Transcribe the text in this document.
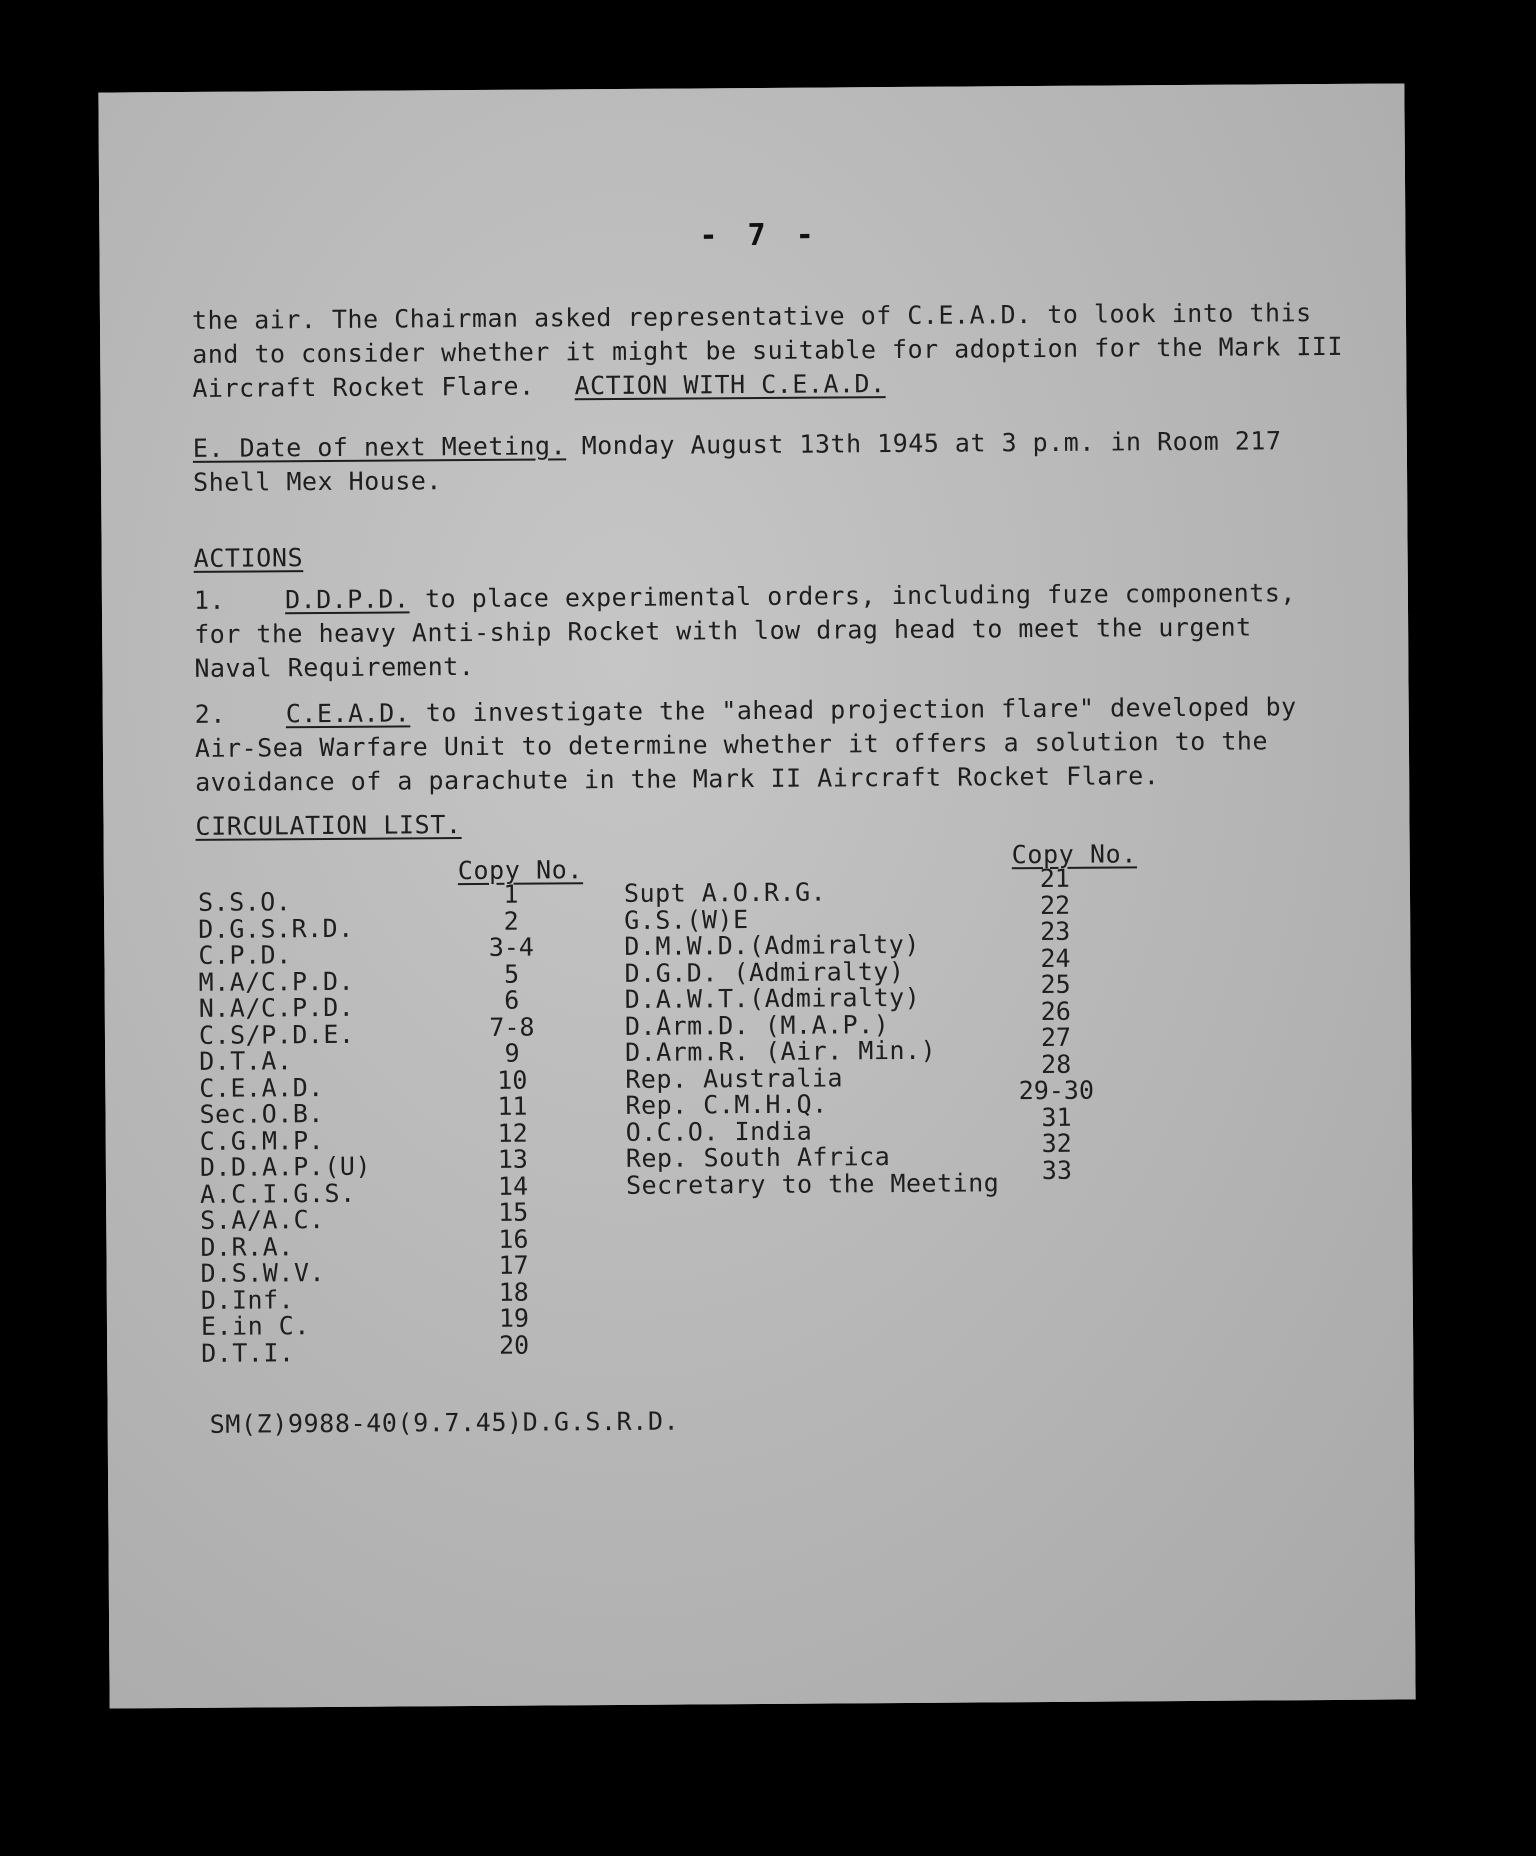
- 7 -
the air. The Chairman asked representative of C.E.A.D. to look into this
and to consider whether it might be suitable for adoption for the Mark III
Aircraft Rocket Flare. ACTION WITH C.E.A.D.
E. Date of next Meeting. Monday August 13th 1945 at 3 p.m. in Room 217
Shell Mex House.
ACTIONS
1. D.D.P.D. to place experimental orders, including fuze components,
for the heavy Anti-ship Rocket with low drag head to meet the urgent
Naval Requirement.
2. C.E.A.D. to investigate the "ahead projection flare" developed by
Air-Sea Warfare Unit to determine whether it offers a solution to the
avoidance of a parachute in the Mark II Aircraft Rocket Flare.
CIRCULATION LIST.
Copy No.
Copy No.
S.S.O.	1
D.G.S.R.D.	2
C.P.D.	3-4
M.A/C.P.D.	5
N.A/C.P.D.	6
C.S/P.D.E.	7-8
D.T.A.	9
C.E.A.D.	10
Sec.O.B.	11
C.G.M.P.	12
D.D.A.P.(U)	13
A.C.I.G.S.	14
S.A/A.C.	15
D.R.A.	16
D.S.W.V.	17
D.Inf.	18
E.in C.	19
D.T.I.	20
Supt A.O.R.G.	21
G.S.(W)E	22
D.M.W.D.(Admiralty)	23
D.G.D. (Admiralty)	24
D.A.W.T.(Admiralty)	25
D.Arm.D. (M.A.P.)	26
D.Arm.R. (Air. Min.)	27
Rep. Australia	28
Rep. C.M.H.Q.	29-30
O.C.O. India	31
Rep. South Africa	32
Secretary to the Meeting	33
SM(Z)9988-40(9.7.45)D.G.S.R.D.
